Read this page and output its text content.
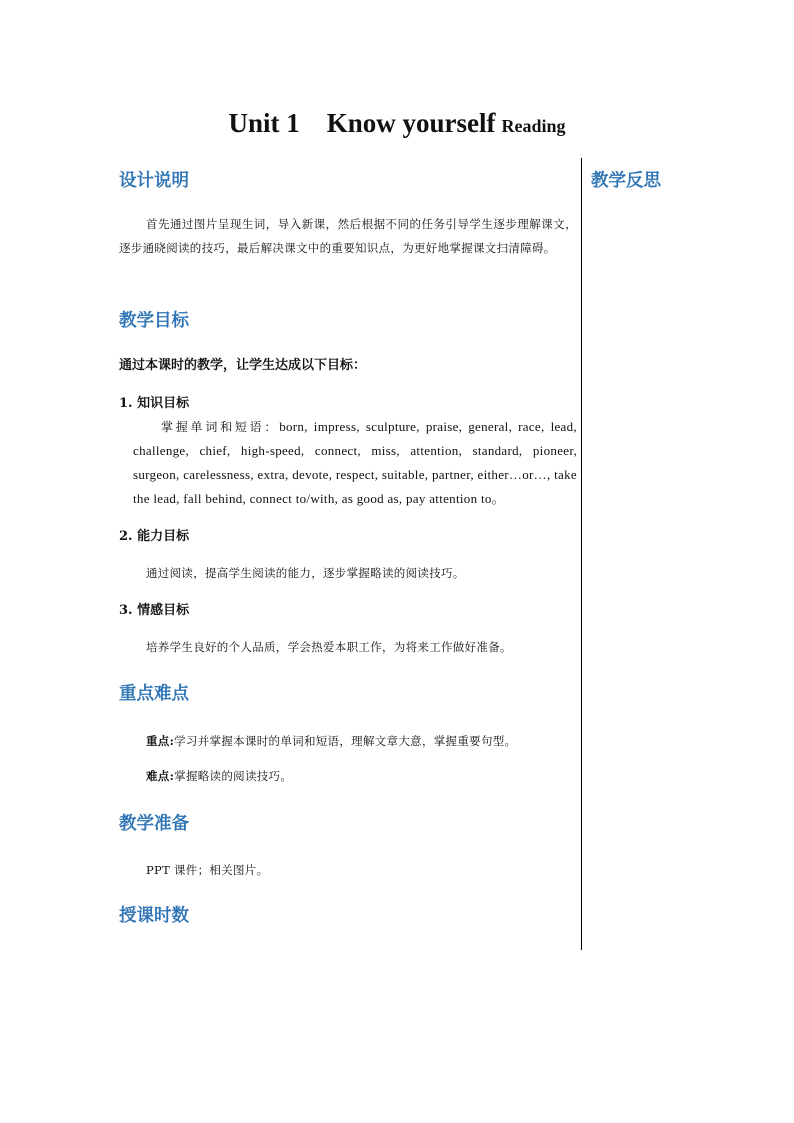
Unit 1    Know yourself Reading
教学反思
设计说明
首先通过图片呈现生词，导入新课，然后根据不同的任务引导学生逐步理解课文，逐步通晓阅读的技巧，最后解决课文中的重要知识点，为更好地掌握课文扫清障碍。
教学目标
通过本课时的教学，让学生达成以下目标：
1. 知识目标
掌握单词和短语：born, impress, sculpture, praise, general, race, lead, challenge, chief, high-speed, connect, miss, attention, standard, pioneer, surgeon, carelessness, extra, devote, respect, suitable, partner, either…or…, take the lead, fall behind, connect to/with, as good as, pay attention to。
2. 能力目标
通过阅读，提高学生阅读的能力，逐步掌握略读的阅读技巧。
3. 情感目标
培养学生良好的个人品质，学会热爱本职工作，为将来工作做好准备。
重点难点
重点:学习并掌握本课时的单词和短语，理解文章大意，掌握重要句型。
难点:掌握略读的阅读技巧。
教学准备
PPT 课件；相关图片。
授课时数
